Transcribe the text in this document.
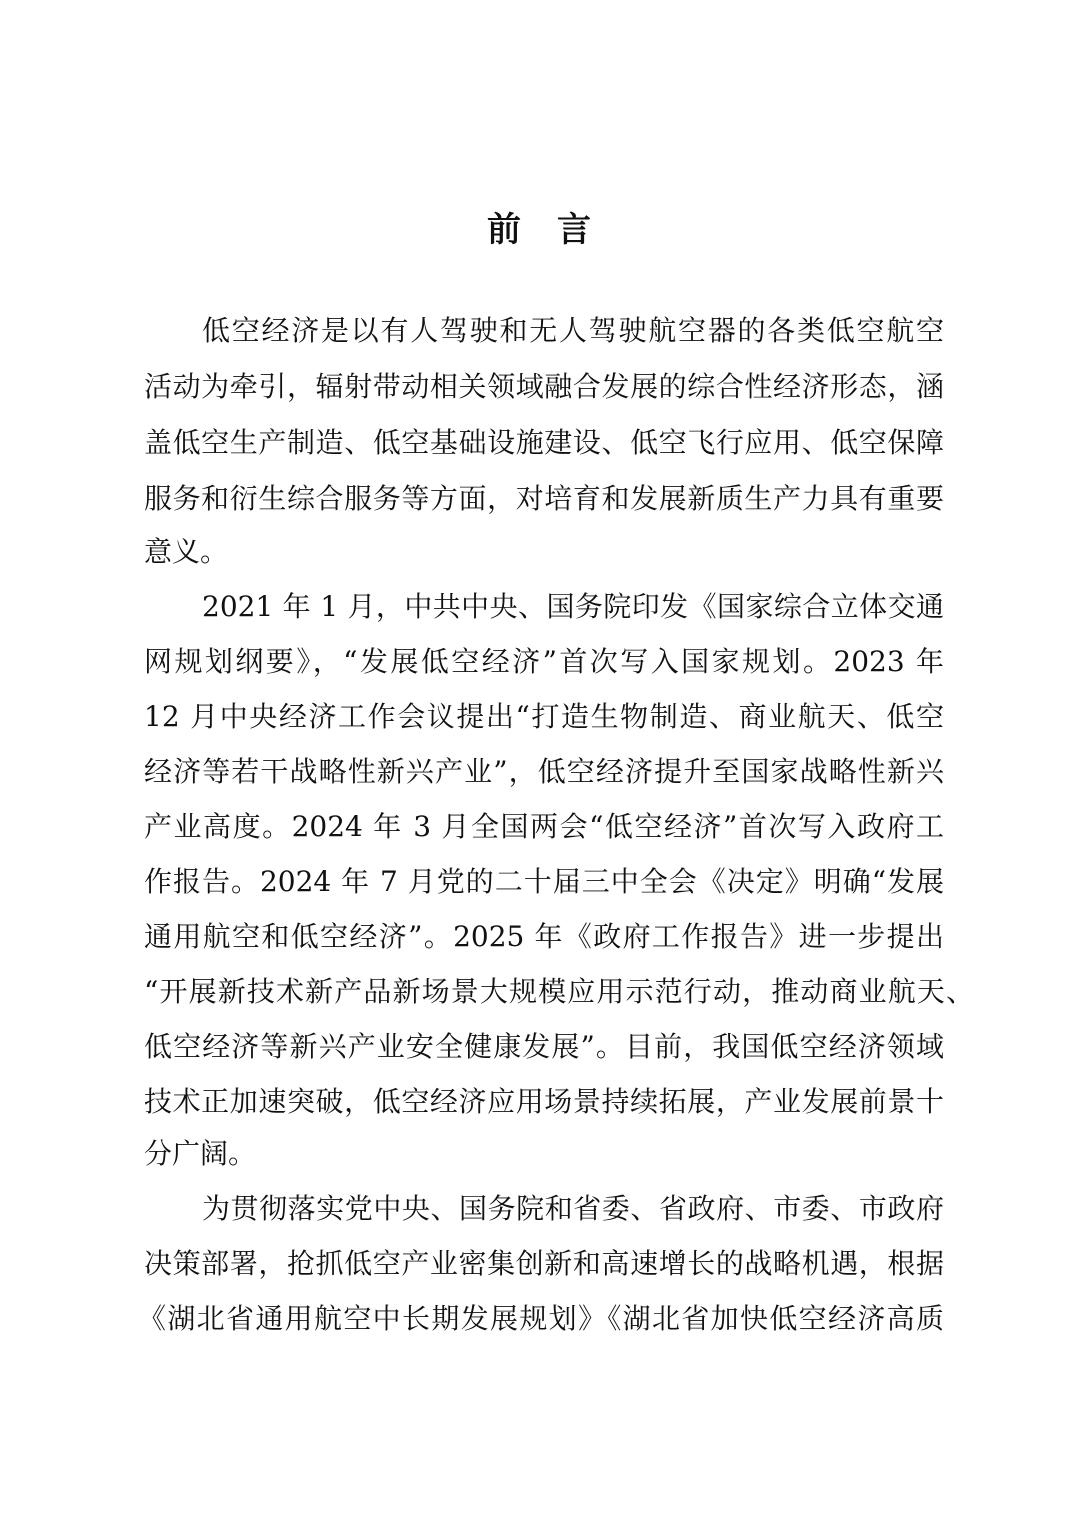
前 言
低空经济是以有人驾驶和无人驾驶航空器的各类低空航空
活动为牵引，辐射带动相关领域融合发展的综合性经济形态，涵
盖低空生产制造、低空基础设施建设、低空飞行应用、低空保障
服务和衍生综合服务等方面，对培育和发展新质生产力具有重要
意义。
2021 年 1 月，中共中央、国务院印发《国家综合立体交通
网规划纲要》，“发展低空经济”首次写入国家规划。2023 年
12 月中央经济工作会议提出“打造生物制造、商业航天、低空
经济等若干战略性新兴产业”，低空经济提升至国家战略性新兴
产业高度。2024 年 3 月全国两会“低空经济”首次写入政府工
作报告。2024 年 7 月党的二十届三中全会《决定》明确“发展
通用航空和低空经济”。2025 年《政府工作报告》进一步提出
“开展新技术新产品新场景大规模应用示范行动，推动商业航天、
低空经济等新兴产业安全健康发展”。目前，我国低空经济领域
技术正加速突破，低空经济应用场景持续拓展，产业发展前景十
分广阔。
为贯彻落实党中央、国务院和省委、省政府、市委、市政府
决策部署，抢抓低空产业密集创新和高速增长的战略机遇，根据
《湖北省通用航空中长期发展规划》《湖北省加快低空经济高质
